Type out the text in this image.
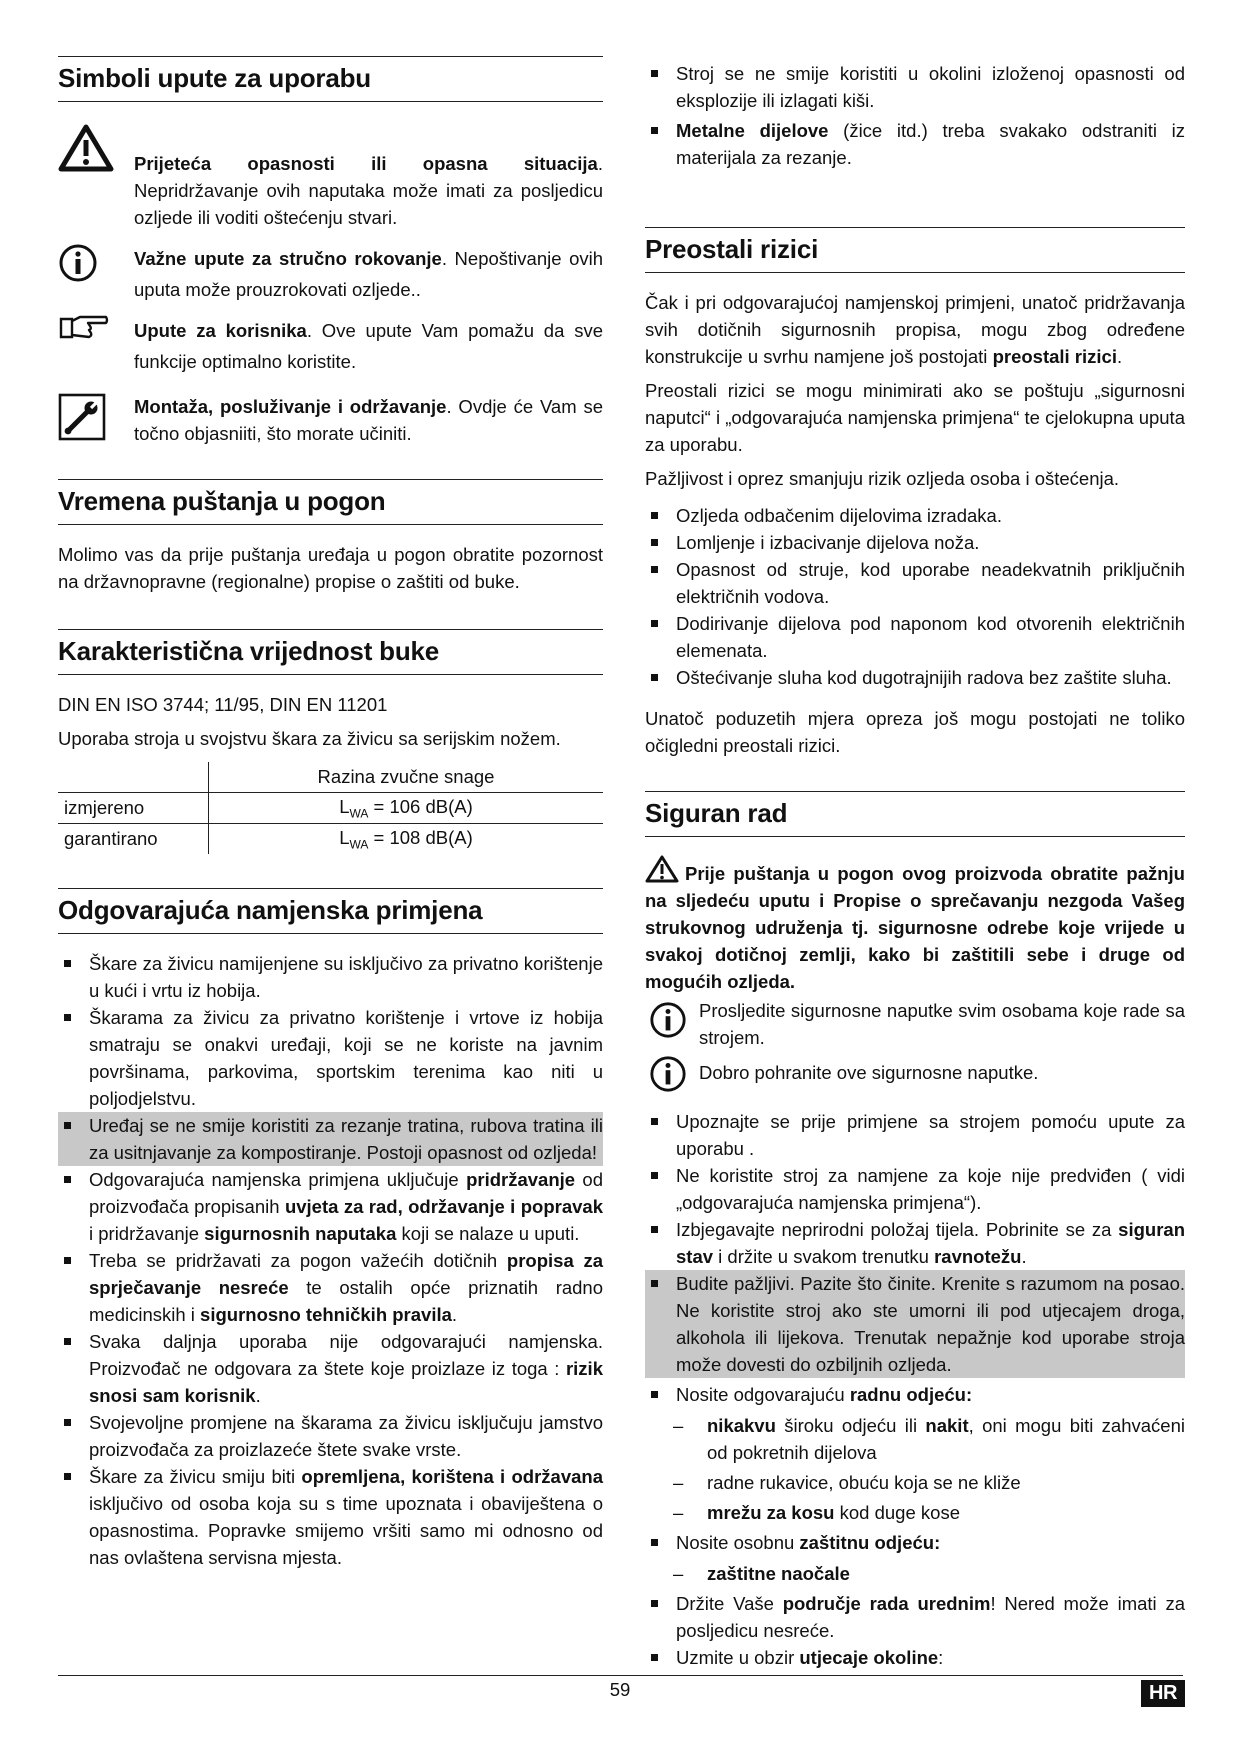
Simboli upute za uporabu

Prijeteća opasnosti ili opasna situacija. Nepridržavanje ovih naputaka može imati za posljedicu ozljede ili voditi oštećenju stvari.

Važne upute za stručno rokovanje. Nepoštivanje ovih uputa može prouzrokovati ozljede..

Upute za korisnika. Ove upute Vam pomažu da sve funkcije optimalno koristite.

Montaža, posluživanje i održavanje. Ovdje će Vam se točno objasniiti, što morate učiniti.

Vremena puštanja u pogon

Molimo vas da prije puštanja uređaja u pogon obratite pozornost na državnopravne (regionalne) propise o zaštiti od buke.

Karakteristična vrijednost buke

DIN EN ISO 3744; 11/95, DIN EN 11201

Uporaba stroja u svojstvu škara za živicu sa serijskim nožem.

	Razina zvučne snage
izmjereno	$L_{WA} = 106$ dB(A)
garantirano	$L_{WA} = 108$ dB(A)
Odgovarajuća namjenska primjena
Škare za živicu namijenjene su isključivo za privatno korištenje u kući i vrtu iz hobija.
Škarama za živicu za privatno korištenje i vrtove iz hobija smatraju se onakvi uređaji, koji se ne koriste na javnim površinama, parkovima, sportskim terenima kao niti u poljodjelstvu.
Uređaj se ne smije koristiti za rezanje tratina, rubova tratina ili za usitnjavanje za kompostiranje. Postoji opasnost od ozljeda!
Odgovarajuća namjenska primjena uključuje pridržavanje od proizvođača propisanih uvjeta za rad, održavanje i popravak i pridržavanje sigurnosnih naputaka koji se nalaze u uputi.
Treba se pridržavati za pogon važećih dotičnih propisa za sprječavanje nesreće te ostalih opće priznatih radno medicinskih i sigurnosno tehničkih pravila.
Svaka daljnja uporaba nije odgovarajući namjenska. Proizvođač ne odgovara za štete koje proizlaze iz toga : rizik snosi sam korisnik.
Svojevoljne promjene na škarama za živicu isključuju jamstvo proizvođača za proizlazeće štete svake vrste.
Škare za živicu smiju biti opremljena, korištena i održavana isključivo od osoba koja su s time upoznata i obaviještena o opasnostima. Popravke smijemo vršiti samo mi odnosno od nas ovlaštena servisna mjesta.
Stroj se ne smije koristiti u okolini izloženoj opasnosti od eksplozije ili izlagati kiši.
Metalne dijelove (žice itd.) treba svakako odstraniti iz materijala za rezanje.
Preostali rizici

Čak i pri odgovarajućoj namjenskoj primjeni, unatoč pridržavanja svih dotičnih sigurnosnih propisa, mogu zbog određene konstrukcije u svrhu namjene još postojati preostali rizici.

Preostali rizici se mogu minimirati ako se poštuju „sigurnosni naputci“ i „odgovarajuća namjenska primjena“ te cjelokupna uputa za uporabu.

Pažljivost i oprez smanjuju rizik ozljeda osoba i oštećenja.

Ozljeda odbačenim dijelovima izradaka.
Lomljenje i izbacivanje dijelova noža.
Opasnost od struje, kod uporabe neadekvatnih priključnih električnih vodova.
Dodirivanje dijelova pod naponom kod otvorenih električnih elemenata.
Oštećivanje sluha kod dugotrajnijih radova bez zaštite sluha.

Unatoč poduzetih mjera opreza još mogu postojati ne toliko očigledni preostali rizici.

Siguran rad

Prije puštanja u pogon ovog proizvoda obratite pažnju na sljedeću uputu i Propise o sprečavanju nezgoda Vašeg strukovnog udruženja tj. sigurnosne odrebe koje vrijede u svakoj dotičnoj zemlji, kako bi zaštitili sebe i druge od mogućih ozljeda.

Prosljedite sigurnosne naputke svim osobama koje rade sa strojem.

Dobro pohranite ove sigurnosne naputke.

Upoznajte se prije primjene sa strojem pomoću upute za uporabu .
Ne koristite stroj za namjene za koje nije predviđen ( vidi „odgovarajuća namjenska primjena“).
Izbjegavajte neprirodni položaj tijela. Pobrinite se za siguran stav i držite u svakom trenutku ravnotežu.
Budite pažljivi. Pazite što činite. Krenite s razumom na posao. Ne koristite stroj ako ste umorni ili pod utjecajem droga, alkohola ili lijekova. Trenutak nepažnje kod uporabe stroja može dovesti do ozbiljnih ozljeda.
Nosite odgovarajuću radnu odjeću:
– nikakvu široku odjeću ili nakit, oni mogu biti zahvaćeni od pokretnih dijelova
– radne rukavice, obuću koja se ne kliže
– mrežu za kosu kod duge kose
Nosite osobnu zaštitnu odjeću:
– zaštitne naočale
Držite Vaše područje rada urednim! Nered može imati za posljedicu nesreće.
Uzmite u obzir utjecaje okoline:
59	HR
